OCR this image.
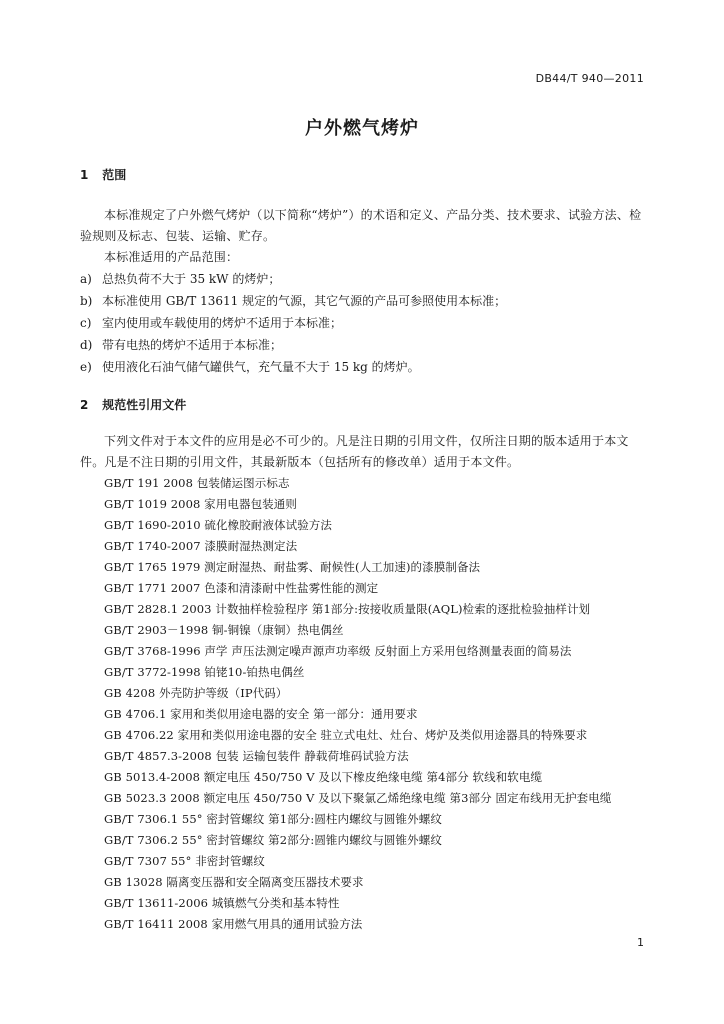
DB44/T 940—2011
户外燃气烤炉
1 范围
本标准规定了户外燃气烤炉（以下简称“烤炉”）的术语和定义、产品分类、技术要求、试验方法、检验规则及标志、包装、运输、贮存。
本标准适用的产品范围：
a) 总热负荷不大于 35 kW 的烤炉；
b) 本标准使用 GB/T 13611 规定的气源，其它气源的产品可参照使用本标准；
c) 室内使用或车载使用的烤炉不适用于本标准；
d) 带有电热的烤炉不适用于本标准；
e) 使用液化石油气储气罐供气，充气量不大于 15 kg 的烤炉。
2 规范性引用文件
下列文件对于本文件的应用是必不可少的。凡是注日期的引用文件，仅所注日期的版本适用于本文件。凡是不注日期的引用文件，其最新版本（包括所有的修改单）适用于本文件。
GB/T 191 2008 包装储运图示标志
GB/T 1019 2008 家用电器包装通则
GB/T 1690-2010 硫化橡胶耐液体试验方法
GB/T 1740-2007 漆膜耐湿热测定法
GB/T 1765 1979 测定耐湿热、耐盐雾、耐候性(人工加速)的漆膜制备法
GB/T 1771 2007 色漆和清漆耐中性盐雾性能的测定
GB/T 2828.1 2003 计数抽样检验程序 第1部分:按接收质量限(AQL)检索的逐批检验抽样计划
GB/T 2903－1998 铜-铜镍（康铜）热电偶丝
GB/T 3768-1996 声学 声压法测定噪声源声功率级 反射面上方采用包络测量表面的简易法
GB/T 3772-1998 铂铑10-铂热电偶丝
GB 4208 外壳防护等级（IP代码）
GB 4706.1 家用和类似用途电器的安全 第一部分：通用要求
GB 4706.22 家用和类似用途电器的安全 驻立式电灶、灶台、烤炉及类似用途器具的特殊要求
GB/T 4857.3-2008 包装 运输包装件 静载荷堆码试验方法
GB 5013.4-2008 额定电压 450/750 V 及以下橡皮绝缘电缆 第4部分 软线和软电缆
GB 5023.3 2008 额定电压 450/750 V 及以下聚氯乙烯绝缘电缆 第3部分 固定布线用无护套电缆
GB/T 7306.1 55° 密封管螺纹 第1部分:圆柱内螺纹与圆锥外螺纹
GB/T 7306.2 55° 密封管螺纹 第2部分:圆锥内螺纹与圆锥外螺纹
GB/T 7307 55° 非密封管螺纹
GB 13028 隔离变压器和安全隔离变压器技术要求
GB/T 13611-2006 城镇燃气分类和基本特性
GB/T 16411 2008 家用燃气用具的通用试验方法
1
